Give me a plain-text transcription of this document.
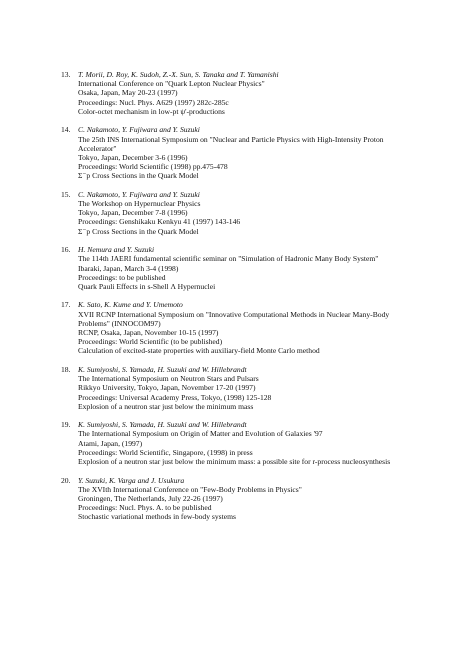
13. T. Morii, D. Roy, K. Sudoh, Z.-X. Sun, S. Tanaka and T. Yamanishi
International Conference on "Quark Lepton Nuclear Physics"
Osaka, Japan, May 20-23 (1997)
Proceedings: Nucl. Phys. A629 (1997) 282c-285c
Color-octet mechanism in low-pt ψ'-productions
14. C. Nakamoto, Y. Fujiwara and Y. Suzuki
The 25th INS International Symposium on "Nuclear and Particle Physics with High-Intensity Proton Accelerator"
Tokyo, Japan, December 3-6 (1996)
Proceedings: World Scientific (1998) pp.475-478
Σ⁻p Cross Sections in the Quark Model
15. C. Nakamoto, Y. Fujiwara and Y. Suzuki
The Workshop on Hypernuclear Physics
Tokyo, Japan, December 7-8 (1996)
Proceedings: Genshikaku Kenkyu 41 (1997) 143-146
Σ⁻p Cross Sections in the Quark Model
16. H. Nemura and Y. Suzuki
The 114th JAERI fundamental scientific seminar on "Simulation of Hadronic Many Body System"
Ibaraki, Japan, March 3-4 (1998)
Proceedings: to be published
Quark Pauli Effects in s-Shell Λ Hypernuclei
17. K. Sato, K. Kume and Y. Umemoto
XVII RCNP International Symposium on "Innovative Computational Methods in Nuclear Many-Body Problems" (INNOCOM97)
RCNP, Osaka, Japan, November 10-15 (1997)
Proceedings: World Scientific (to be published)
Calculation of excited-state properties with auxiliary-field Monte Carlo method
18. K. Sumiyoshi, S. Yamada, H. Suzuki and W. Hillebrandt
The International Symposium on Neutron Stars and Pulsars
Rikkyo University, Tokyo, Japan, November 17-20 (1997)
Proceedings: Universal Academy Press, Tokyo, (1998) 125-128
Explosion of a neutron star just below the minimum mass
19. K. Sumiyoshi, S. Yamada, H. Suzuki and W. Hillebrandt
The International Symposium on Origin of Matter and Evolution of Galaxies '97
Atami, Japan, (1997)
Proceedings: World Scientific, Singapore, (1998) in press
Explosion of a neutron star just below the minimum mass: a possible site for r-process nucleosynthesis
20. Y. Suzuki, K. Varga and J. Usukura
The XVIth International Conference on "Few-Body Problems in Physics"
Groningen, The Netherlands, July 22-26 (1997)
Proceedings: Nucl. Phys. A. to be published
Stochastic variational methods in few-body systems
